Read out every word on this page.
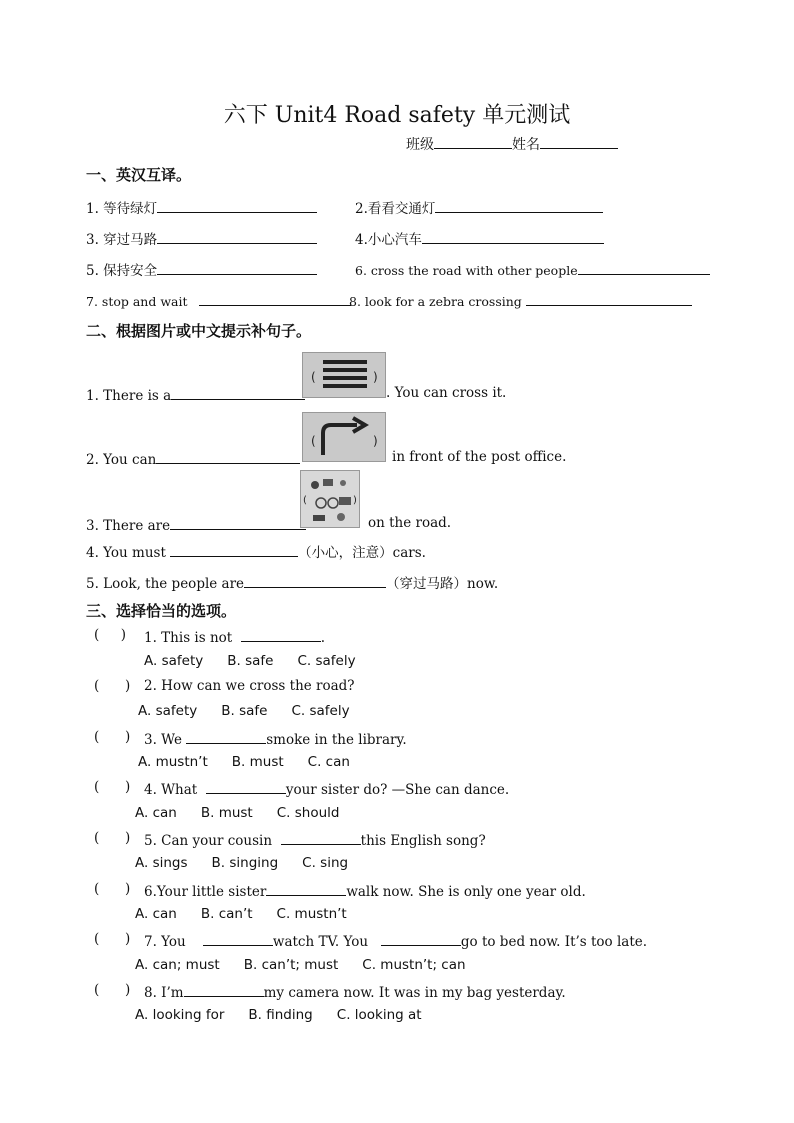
六下 Unit4 Road safety 单元测试
班级	姓名
一、英汉互译。
1. 等待绿灯	2.看看交通灯
3. 穿过马路	4.小心汽车
5. 保持安全	6. cross the road with other people
7. stop and wait	8. look for a zebra crossing
二、根据图片或中文提示补句子。
1. There is a
(	)
. You can cross it.
2. You can
(	)
in front of the post office.
3. There are
(	)
on the road.
4. You must	（小心，注意）cars.
5. Look, the people are	（穿过马路）now.
三、选择恰当的选项。
(     ) 1. This is not	.
A. safety B. safe C. safely
(      ) 2. How can we cross the road?
A. safety B. safe C. safely
(      ) 3. We	smoke in the library.
A. mustn’t B. must C. can
(      ) 4. What	your sister do? —She can dance.
A. can B. must C. should
(      ) 5. Can your cousin	this English song?
A. sings B. singing C. sing
(      ) 6.Your little sister	walk now. She is only one year old.
A. can B. can’t C. mustn’t
(      ) 7. You	watch TV. You	go to bed now. It’s too late.
A. can; must B. can’t; must C. mustn’t; can
(      ) 8. I’m	my camera now. It was in my bag yesterday.
A. looking for B. finding C. looking at
